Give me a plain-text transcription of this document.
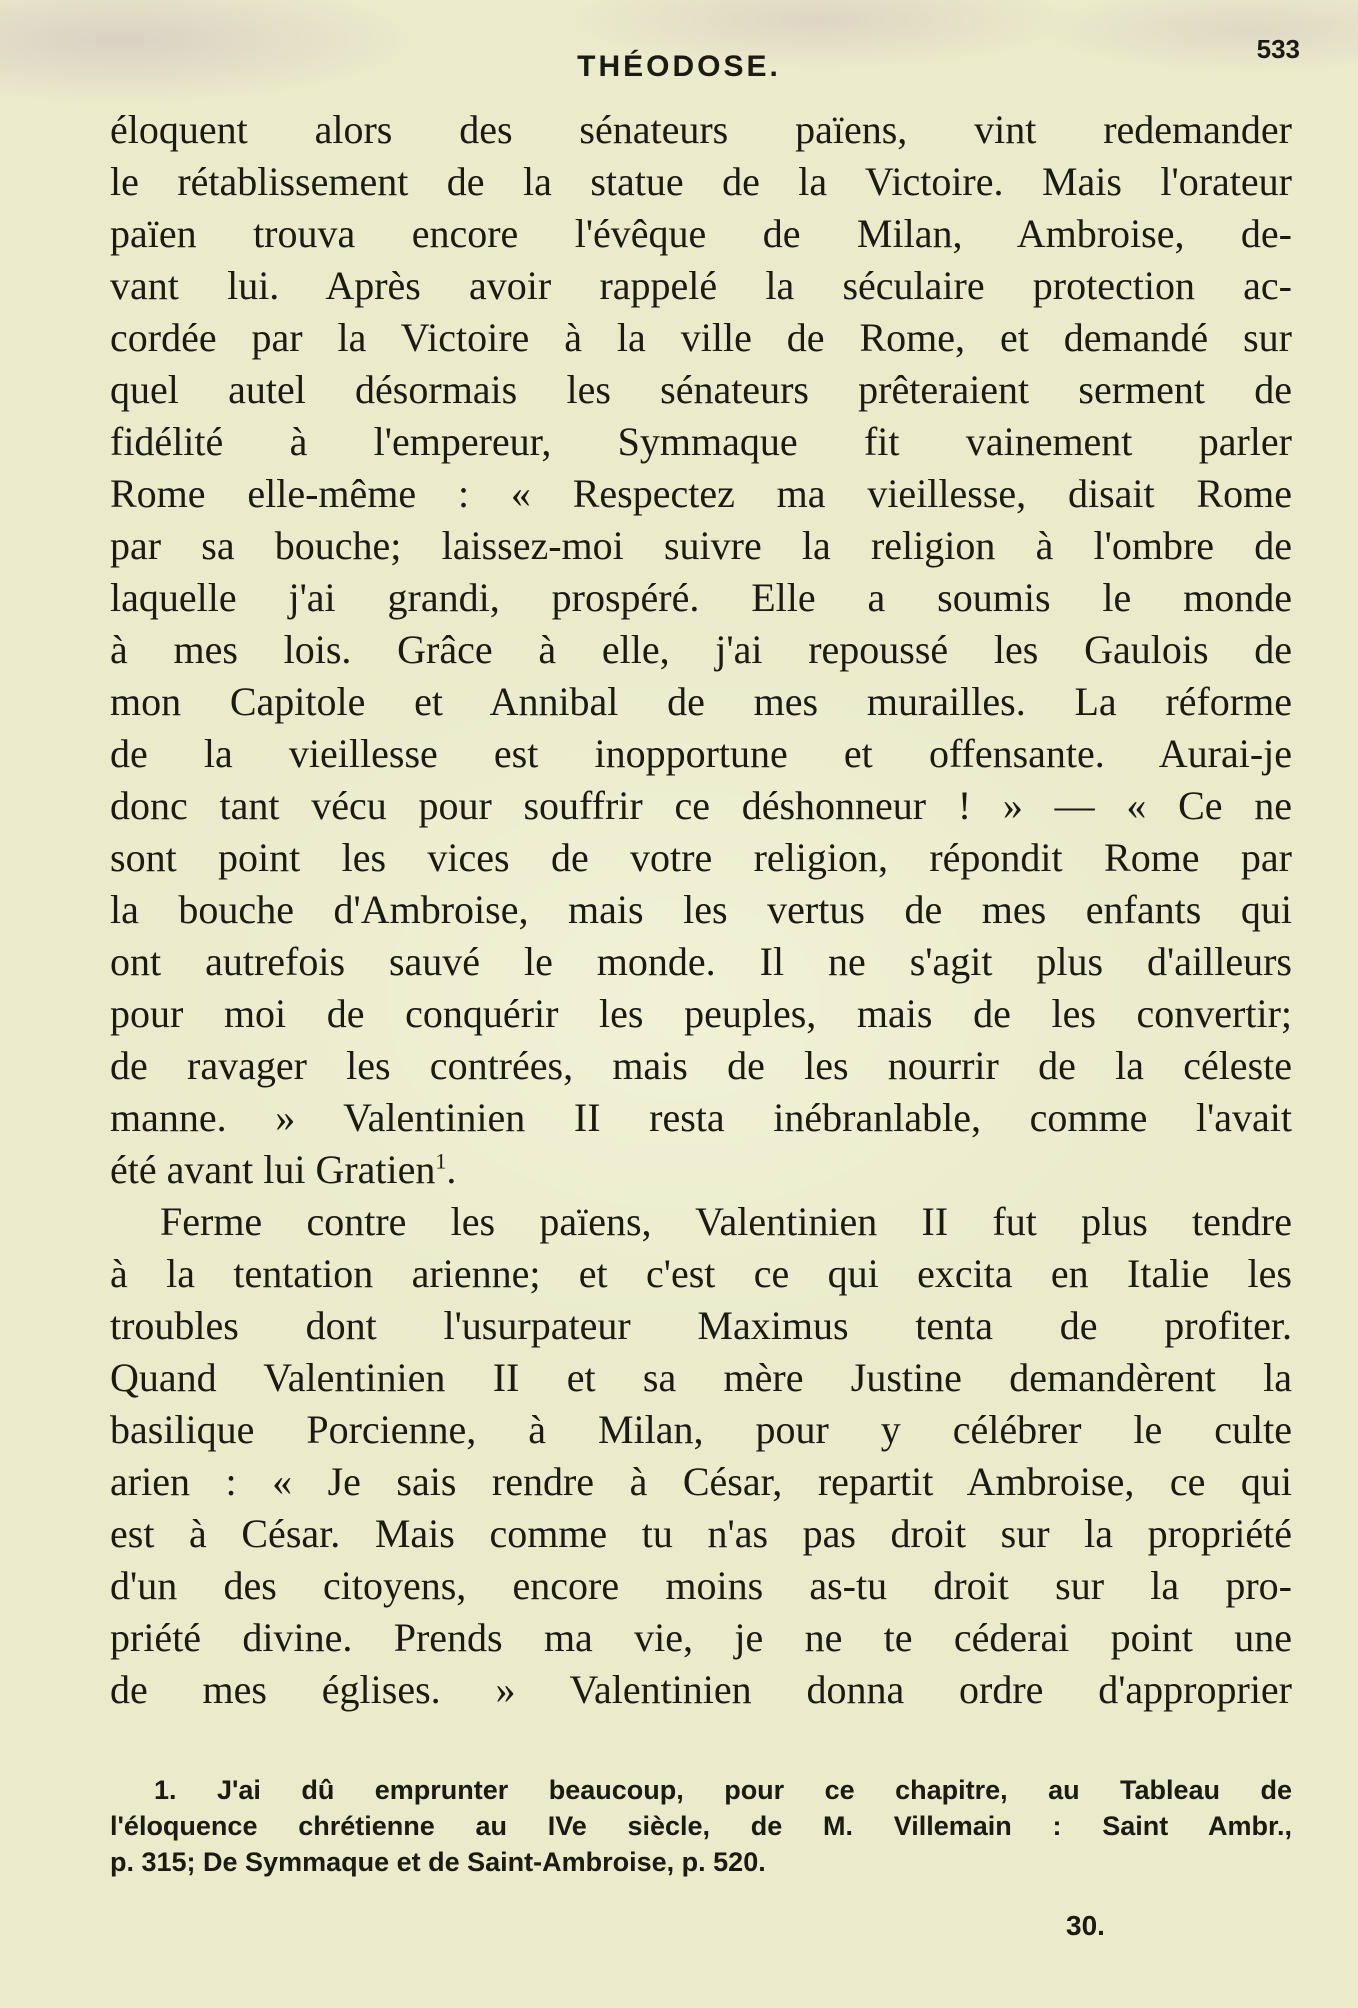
THÉODOSE.
533
éloquent alors des sénateurs païens, vint redemander
le rétablissement de la statue de la Victoire. Mais l'orateur
païen trouva encore l'évêque de Milan, Ambroise, de-
vant lui. Après avoir rappelé la séculaire protection ac-
cordée par la Victoire à la ville de Rome, et demandé sur
quel autel désormais les sénateurs prêteraient serment de
fidélité à l'empereur, Symmaque fit vainement parler
Rome elle-même : « Respectez ma vieillesse, disait Rome
par sa bouche; laissez-moi suivre la religion à l'ombre de
laquelle j'ai grandi, prospéré. Elle a soumis le monde
à mes lois. Grâce à elle, j'ai repoussé les Gaulois de
mon Capitole et Annibal de mes murailles. La réforme
de la vieillesse est inopportune et offensante. Aurai-je
donc tant vécu pour souffrir ce déshonneur ! » — « Ce ne
sont point les vices de votre religion, répondit Rome par
la bouche d'Ambroise, mais les vertus de mes enfants qui
ont autrefois sauvé le monde. Il ne s'agit plus d'ailleurs
pour moi de conquérir les peuples, mais de les convertir;
de ravager les contrées, mais de les nourrir de la céleste
manne. » Valentinien II resta inébranlable, comme l'avait
été avant lui Gratien$^1$.
Ferme contre les païens, Valentinien II fut plus tendre
à la tentation arienne; et c'est ce qui excita en Italie les
troubles dont l'usurpateur Maximus tenta de profiter.
Quand Valentinien II et sa mère Justine demandèrent la
basilique Porcienne, à Milan, pour y célébrer le culte
arien : « Je sais rendre à César, repartit Ambroise, ce qui
est à César. Mais comme tu n'as pas droit sur la propriété
d'un des citoyens, encore moins as-tu droit sur la pro-
priété divine. Prends ma vie, je ne te céderai point une
de mes églises. » Valentinien donna ordre d'approprier
1. J'ai dû emprunter beaucoup, pour ce chapitre, au Tableau de
l'éloquence chrétienne au IVe siècle, de M. Villemain : Saint Ambr.,
p. 315; De Symmaque et de Saint-Ambroise, p. 520.
30.
